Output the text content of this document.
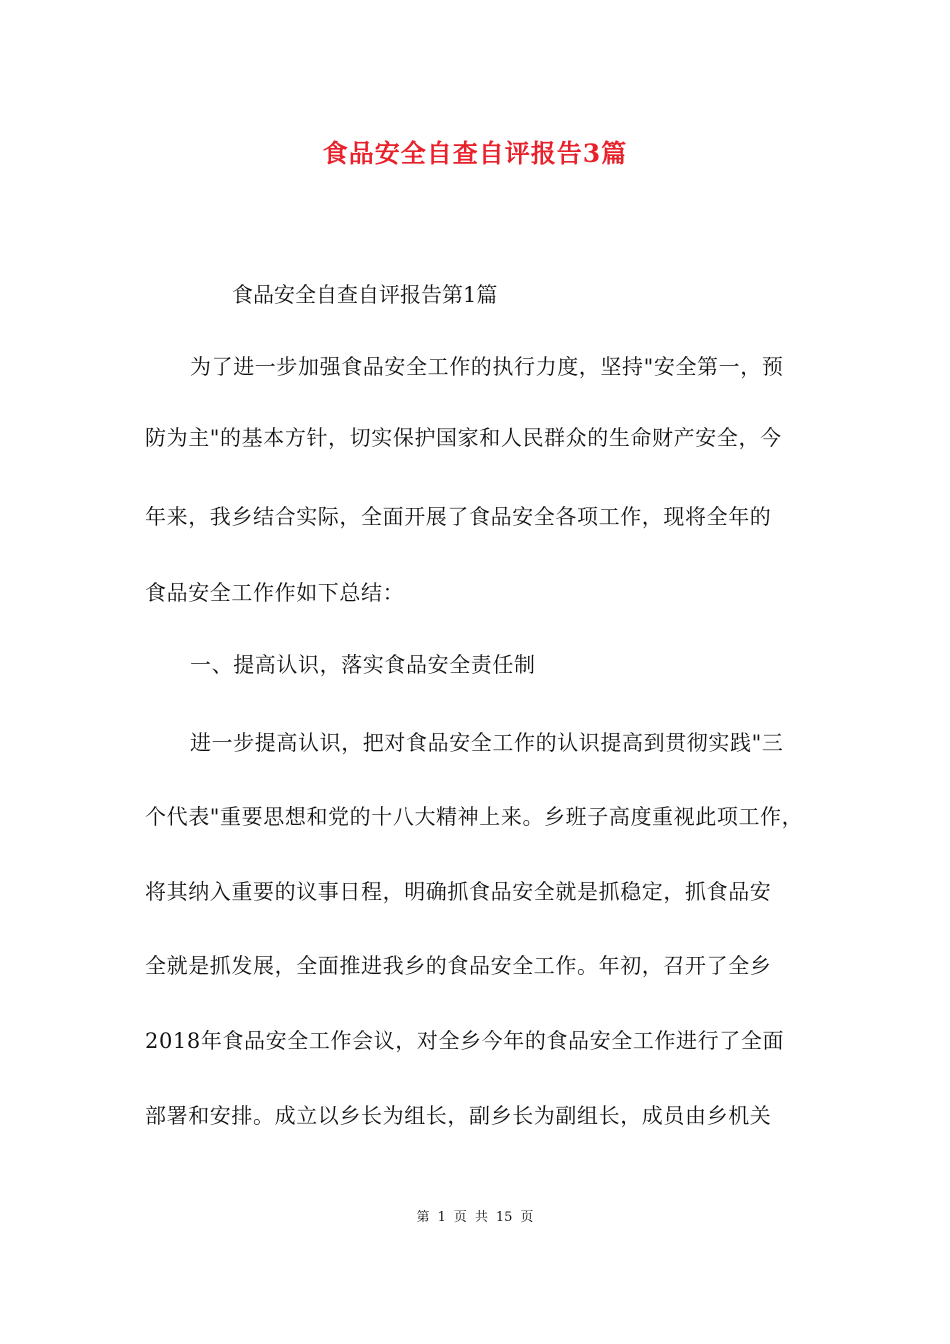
食品安全自查自评报告3篇
食品安全自查自评报告第1篇
为了进一步加强食品安全工作的执行力度，坚持"安全第一，预
防为主"的基本方针，切实保护国家和人民群众的生命财产安全，今
年来，我乡结合实际，全面开展了食品安全各项工作，现将全年的
食品安全工作作如下总结：
一、提高认识，落实食品安全责任制
进一步提高认识，把对食品安全工作的认识提高到贯彻实践"三
个代表"重要思想和党的十八大精神上来。乡班子高度重视此项工作，
将其纳入重要的议事日程，明确抓食品安全就是抓稳定，抓食品安
全就是抓发展，全面推进我乡的食品安全工作。年初，召开了全乡
2018年食品安全工作会议，对全乡今年的食品安全工作进行了全面
部署和安排。成立以乡长为组长，副乡长为副组长，成员由乡机关
第 1 页 共 15 页
